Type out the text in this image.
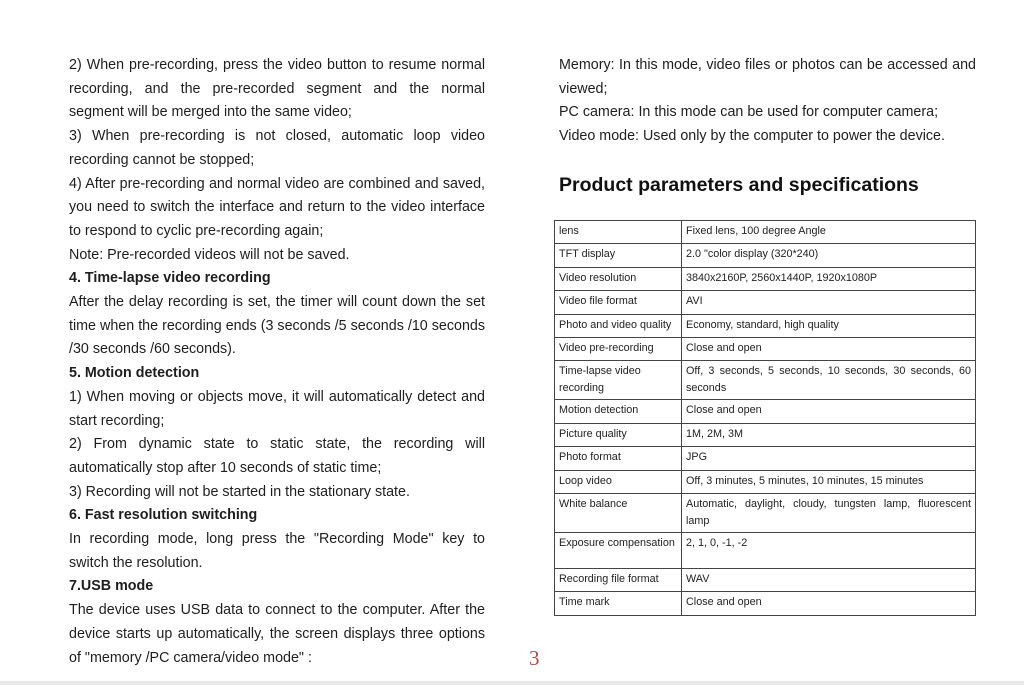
2) When pre-recording, press the video button to resume normal recording, and the pre-recorded segment and the normal segment will be merged into the same video;

3) When pre-recording is not closed, automatic loop video recording cannot be stopped;

4) After pre-recording and normal video are combined and saved, you need to switch the interface and return to the video interface to respond to cyclic pre-recording again;

Note: Pre-recorded videos will not be saved.

4. Time-lapse video recording

After the delay recording is set, the timer will count down the set time when the recording ends (3 seconds /5 seconds /10 seconds /30 seconds /60 seconds).

5. Motion detection

1) When moving or objects move, it will automatically detect and start recording;

2) From dynamic state to static state, the recording will automatically stop after 10 seconds of static time;

3) Recording will not be started in the stationary state.

6. Fast resolution switching

In recording mode, long press the "Recording Mode" key to switch the resolution.

7.USB mode

The device uses USB data to connect to the computer. After the device starts up automatically, the screen displays three options of "memory /PC camera/video mode" :

Memory: In this mode, video files or photos can be accessed and viewed;

PC camera: In this mode can be used for computer camera;

Video mode: Used only by the computer to power the device.

Product parameters and specifications
lens	Fixed lens, 100 degree Angle
TFT display	2.0 "color display (320*240)
Video resolution	3840x2160P, 2560x1440P, 1920x1080P
Video file format	AVI
Photo and video quality	Economy, standard, high quality
Video pre-recording	Close and open
Time-lapse video recording	Off, 3 seconds, 5 seconds, 10 seconds, 30 seconds, 60 seconds
Motion detection	Close and open
Picture quality	1M, 2M, 3M
Photo format	JPG
Loop video	Off, 3 minutes, 5 minutes, 10 minutes, 15 minutes
White balance	Automatic, daylight, cloudy, tungsten lamp, fluorescent lamp
Exposure compensation	2, 1, 0, -1, -2
Recording file format	WAV
Time mark	Close and open
3
